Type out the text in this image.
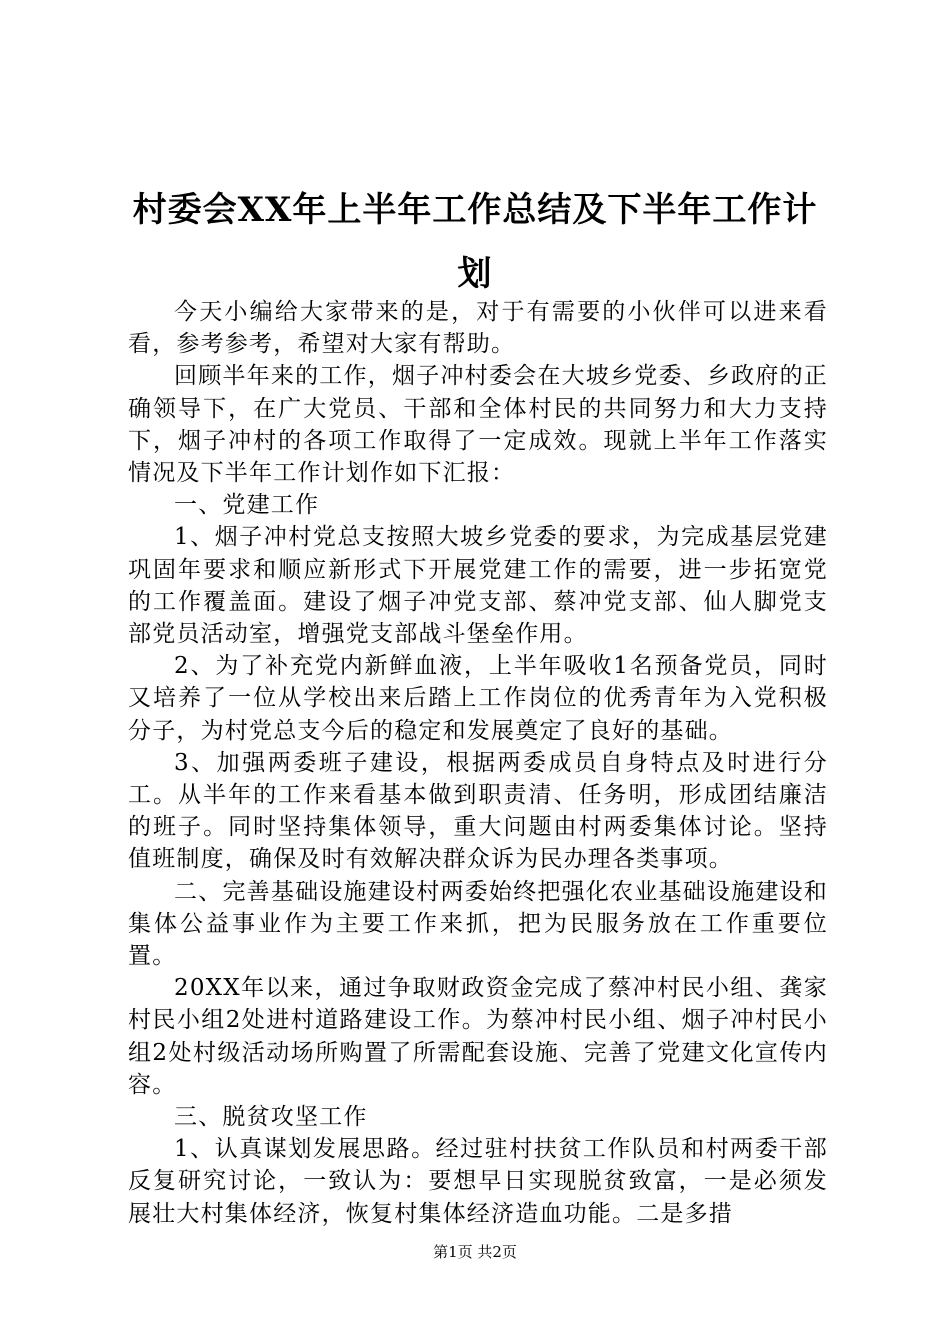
村委会XX年上半年工作总结及下半年工作计划

今天小编给大家带来的是，对于有需要的小伙伴可以进来看看，参考参考，希望对大家有帮助。

回顾半年来的工作，烟子冲村委会在大坡乡党委、乡政府的正确领导下，在广大党员、干部和全体村民的共同努力和大力支持下，烟子冲村的各项工作取得了一定成效。现就上半年工作落实情况及下半年工作计划作如下汇报：

一、党建工作

1、烟子冲村党总支按照大坡乡党委的要求，为完成基层党建巩固年要求和顺应新形式下开展党建工作的需要，进一步拓宽党的工作覆盖面。建设了烟子冲党支部、蔡冲党支部、仙人脚党支部党员活动室，增强党支部战斗堡垒作用。

2、为了补充党内新鲜血液，上半年吸收1名预备党员，同时又培养了一位从学校出来后踏上工作岗位的优秀青年为入党积极分子，为村党总支今后的稳定和发展奠定了良好的基础。

3、加强两委班子建设，根据两委成员自身特点及时进行分工。从半年的工作来看基本做到职责清、任务明，形成团结廉洁的班子。同时坚持集体领导，重大问题由村两委集体讨论。坚持值班制度，确保及时有效解决群众诉为民办理各类事项。

二、完善基础设施建设村两委始终把强化农业基础设施建设和集体公益事业作为主要工作来抓，把为民服务放在工作重要位置。

20XX年以来，通过争取财政资金完成了蔡冲村民小组、龚家村民小组2处进村道路建设工作。为蔡冲村民小组、烟子冲村民小组2处村级活动场所购置了所需配套设施、完善了党建文化宣传内容。

三、脱贫攻坚工作

1、认真谋划发展思路。经过驻村扶贫工作队员和村两委干部反复研究讨论，一致认为：要想早日实现脱贫致富，一是必须发展壮大村集体经济，恢复村集体经济造血功能。二是多措

第1页 共2页
